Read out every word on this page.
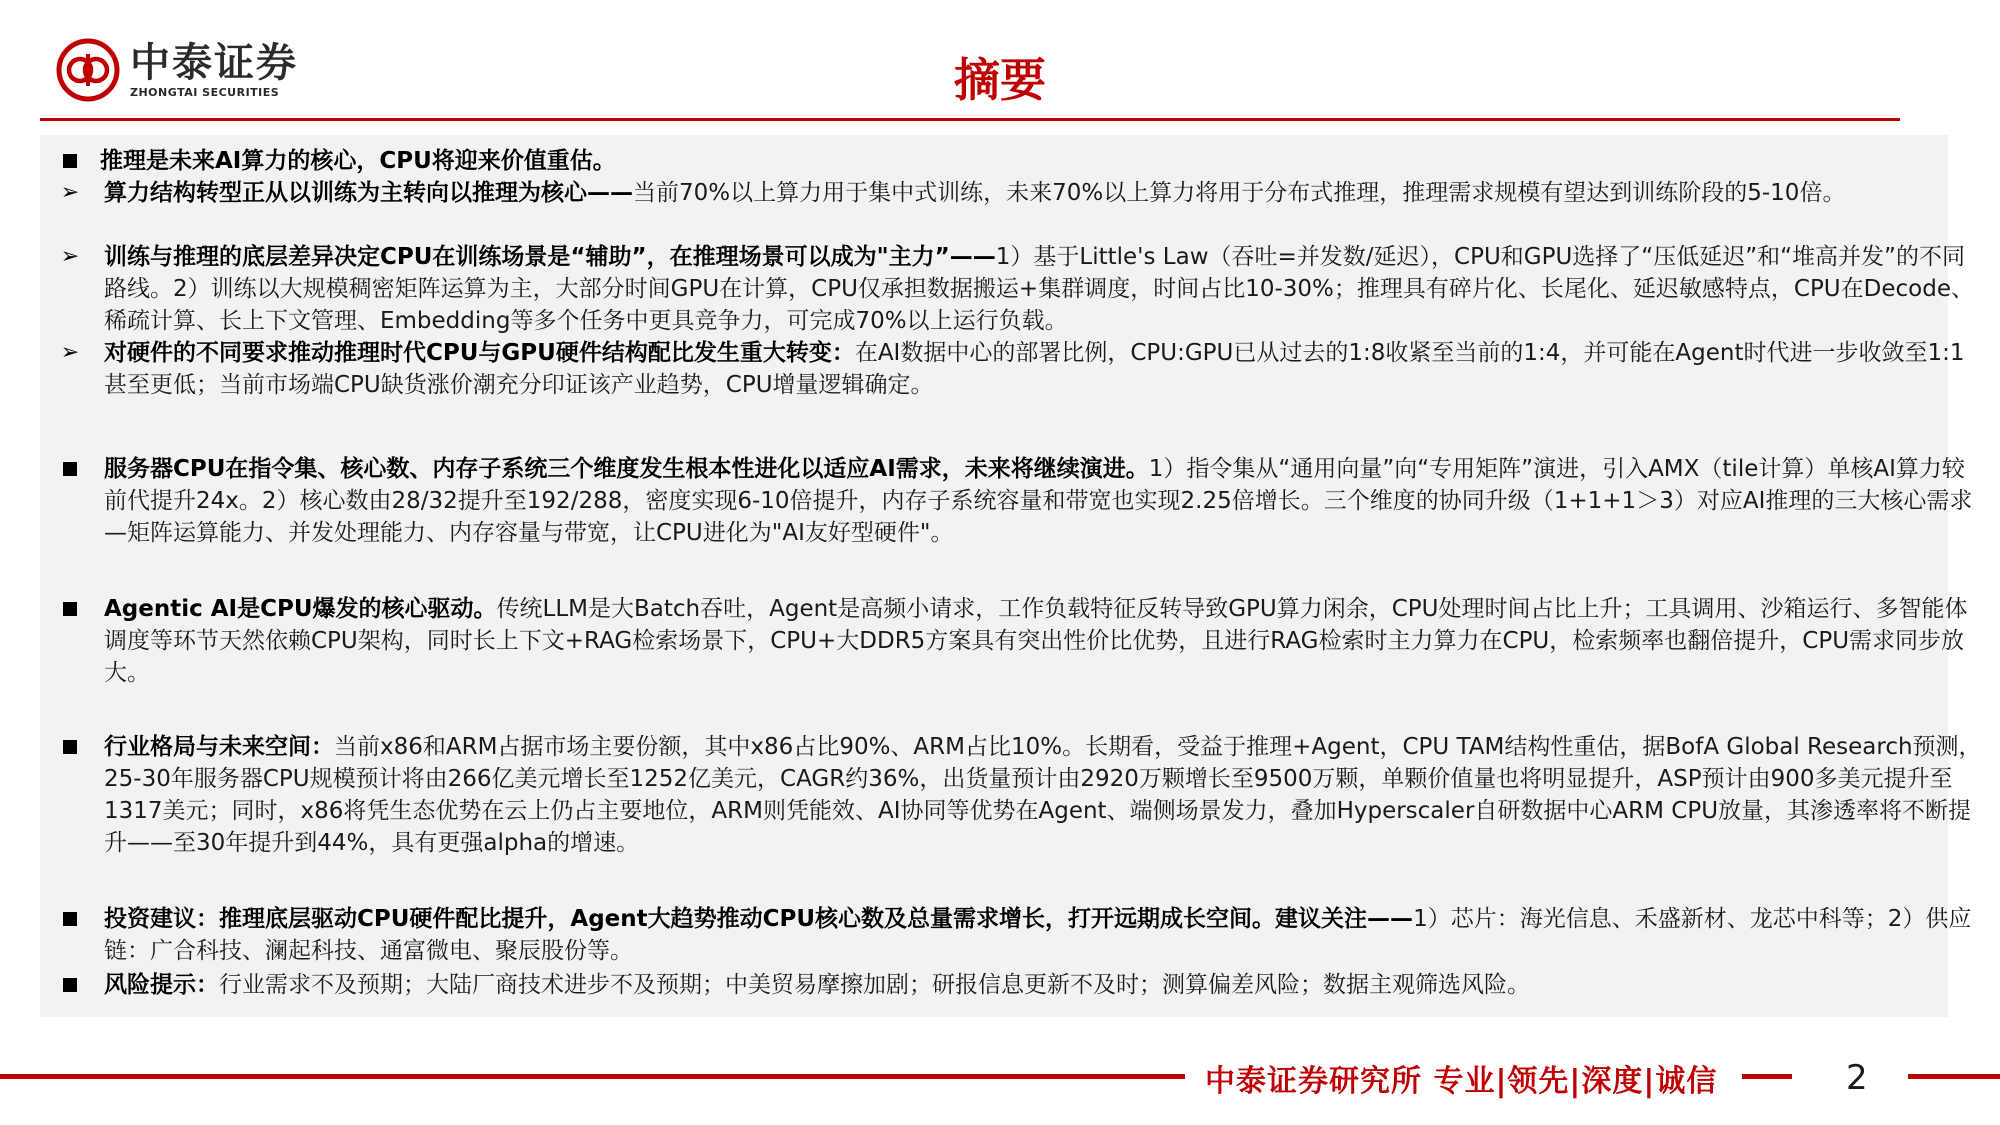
中泰证券
ZHONGTAI SECURITIES	摘要
推理是未来AI算力的核心，CPU将迎来价值重估。
➢	算力结构转型正从以训练为主转向以推理为核心——当前70%以上算力用于集中式训练，未来70%以上算力将用于分布式推理，推理需求规模有望达到训练阶段的5-10倍。
➢	训练与推理的底层差异决定CPU在训练场景是“辅助”，在推理场景可以成为"主力”——1）基于Little's Law（吞吐=并发数/延迟），CPU和GPU选择了“压低延迟”和“堆高并发”的不同路线。2）训练以大规模稠密矩阵运算为主，大部分时间GPU在计算，CPU仅承担数据搬运+集群调度，时间占比10-30%；推理具有碎片化、长尾化、延迟敏感特点，CPU在Decode、稀疏计算、长上下文管理、Embedding等多个任务中更具竞争力，可完成70%以上运行负载。
➢	对硬件的不同要求推动推理时代CPU与GPU硬件结构配比发生重大转变：在AI数据中心的部署比例，CPU:GPU已从过去的1:8收紧至当前的1:4，并可能在Agent时代进一步收敛至1:1甚至更低；当前市场端CPU缺货涨价潮充分印证该产业趋势，CPU增量逻辑确定。
服务器CPU在指令集、核心数、内存子系统三个维度发生根本性进化以适应AI需求，未来将继续演进。1）指令集从“通用向量”向“专用矩阵”演进，引入AMX（tile计算）单核AI算力较前代提升24x。2）核心数由28/32提升至192/288，密度实现6-10倍提升，内存子系统容量和带宽也实现2.25倍增长。三个维度的协同升级（1+1+1＞3）对应AI推理的三大核心需求—矩阵运算能力、并发处理能力、内存容量与带宽，让CPU进化为"AI友好型硬件"。
Agentic AI是CPU爆发的核心驱动。传统LLM是大Batch吞吐，Agent是高频小请求，工作负载特征反转导致GPU算力闲余，CPU处理时间占比上升；工具调用、沙箱运行、多智能体调度等环节天然依赖CPU架构，同时长上下文+RAG检索场景下，CPU+大DDR5方案具有突出性价比优势，且进行RAG检索时主力算力在CPU，检索频率也翻倍提升，CPU需求同步放大。
行业格局与未来空间：当前x86和ARM占据市场主要份额，其中x86占比90%、ARM占比10%。长期看，受益于推理+Agent，CPU TAM结构性重估，据BofA Global Research预测，25-30年服务器CPU规模预计将由266亿美元增长至1252亿美元，CAGR约36%，出货量预计由2920万颗增长至9500万颗，单颗价值量也将明显提升，ASP预计由900多美元提升至1317美元；同时，x86将凭生态优势在云上仍占主要地位，ARM则凭能效、AI协同等优势在Agent、端侧场景发力，叠加Hyperscaler自研数据中心ARM CPU放量，其渗透率将不断提升——至30年提升到44%，具有更强alpha的增速。
投资建议：推理底层驱动CPU硬件配比提升，Agent大趋势推动CPU核心数及总量需求增长，打开远期成长空间。建议关注——1）芯片：海光信息、禾盛新材、龙芯中科等；2）供应链：广合科技、澜起科技、通富微电、聚辰股份等。
风险提示：行业需求不及预期；大陆厂商技术进步不及预期；中美贸易摩擦加剧；研报信息更新不及时；测算偏差风险；数据主观筛选风险。
中泰证券研究所 专业|领先|深度|诚信	2
